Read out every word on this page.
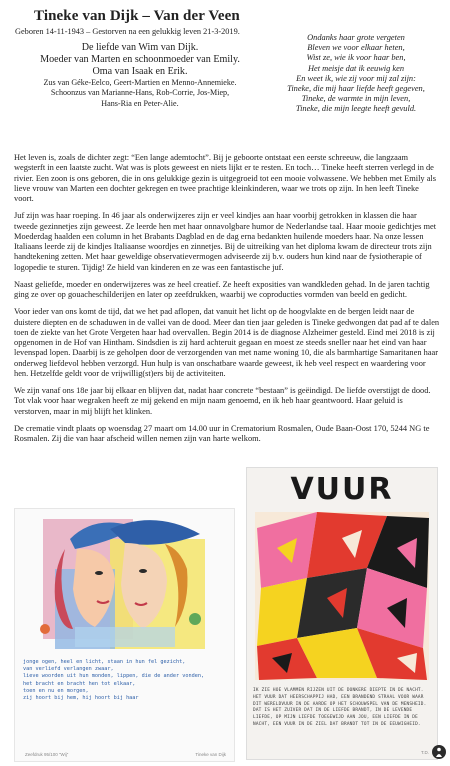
Tineke van Dijk – Van der Veen
Geboren 14-11-1943 – Gestorven na een gelukkig leven 21-3-2019.
De liefde van Wim van Dijk.
Moeder van Marten en schoonmoeder van Emily.
Oma van Isaak en Erik.
Zus van Géke-Eelco, Geert-Martien en Menno-Annemieke.
Schoonzus van Marianne-Hans, Rob-Corrie, Jos-Miep,
Hans-Ria en Peter-Alie.
Ondanks haar grote vergeten
Bleven we voor elkaar heten,
Wist ze, wie ik voor haar ben,
Het meisje dat ik eeuwig ken
En weet ik, wie zij voor mij zal zijn:
Tineke, die mij haar liefde heeft gegeven,
Tineke, de warmte in mijn leven,
Tineke, die mijn leegte heeft gevuld.

Het leven is, zoals de dichter zegt: “Een lange ademtocht”. Bij je geboorte ontstaat een eerste schreeuw, die langzaam wegsterft in een laatste zucht. Wat was is plots geweest en niets lijkt er te resten. En toch… Tineke heeft sterren verlegd in de rivier. Een zoon is ons geboren, die in ons gelukkige gezin is uitgegroeid tot een mooie volwassene. We hebben met Emily als lieve vrouw van Marten een dochter gekregen en twee prachtige kleinkinderen, waar we trots op zijn. In hen leeft Tineke voort.

Juf zijn was haar roeping. In 46 jaar als onderwijzeres zijn er veel kindjes aan haar voorbij getrokken in klassen die haar tweede gezinnetjes zijn geweest. Ze leerde hen met haar onnavolgbare humor de Nederlandse taal. Haar mooie gedichtjes met Moederdag haalden een column in het Brabants Dagblad en de dag erna bedankten huilende moeders haar. Na onze lessen Italiaans leerde zij de kindjes Italiaanse woordjes en zinnetjes. Bij de uitreiking van het diploma kwam de directeur trots zijn handtekening zetten. Met haar geweldige observatievermogen adviseerde zij b.v. ouders hun kind naar de fysiotherapie of logopedie te sturen. Tijdig! Ze hield van kinderen en ze was een fantastische juf.

Naast geliefde, moeder en onderwijzeres was ze heel creatief. Ze heeft exposities van wandkleden gehad. In de jaren tachtig ging ze over op gouacheschilderijen en later op zeefdrukken, waarbij we coproducties vormden van beeld en gedicht.

Voor ieder van ons komt de tijd, dat we het pad aflopen, dat vanuit het licht op de hoogvlakte en de bergen leidt naar de duistere diepten en de schaduwen in de vallei van de dood. Meer dan tien jaar geleden is Tineke gedwongen dat pad af te dalen toen de ziekte van het Grote Vergeten haar had overvallen. Begin 2014 is de diagnose Alzheimer gesteld. Eind mei 2018 is zij opgenomen in de Hof van Hintham. Sindsdien is zij hard achteruit gegaan en moest ze steeds sneller naar het eind van haar levenspad lopen. Daarbij is ze geholpen door de verzorgenden van met name woning 10, die als barmhartige Samaritanen haar onderweg liefdevol hebben verzorgd. Hun hulp is van onschatbare waarde geweest, ik heb veel respect en waardering voor hen. Hetzelfde geldt voor de vrijwillig(st)ers bij de activiteiten.

We zijn vanaf ons 18e jaar bij elkaar en blijven dat, nadat haar concrete “bestaan” is geëindigd. De liefde overstijgt de dood. Tot vlak voor haar wegraken heeft ze mij gekend en mijn naam genoemd, en ik heb haar geantwoord. Haar geluid is verstorven, maar in mij blijft het klinken.

De crematie vindt plaats op woensdag 27 maart om 14.00 uur in Crematorium Rosmalen, Oude Baan-Oost 170, 5244 NG te Rosmalen. Zij die van haar afscheid willen nemen zijn van harte welkom.

jonge ogen, heel en licht, staan in hun fel gezicht,
van verliefd verlangen zwaar,
lieve woorden uit hun monden, lippen, die de ander vonden,
het bracht en bracht hen tot elkaar,
toen en nu en morgen,
zij hoort bij hem, hij hoort bij haar
Zeefdruk 95/100 “Wij”	Tineke van Dijk
VUUR
IK ZIE HOE VLAMMEN RIJZEN UIT DE DONKERE DIEPTE IN DE NACHT. HET VUUR DAT HEERSCHAPPIJ HAD, EEN BRANDEND STRAAL VOOR WAAR DIT WERELDVUUR IN DE AARDE OP HET SCHOUWSPEL VAN DE MENSHEID. DAT IS HET ZUIVER DAT IN DE LIEFDE BRANDT, IN DE LEVENDE LIEFDE, OP MIJN LIEFDE TOEGEWIJD AAN JOU, EEN LIEFDE IN DE NACHT, EEN VUUR IN DE ZIEL DAT BRANDT TOT IN DE EEUWIGHEID.
T.D.
